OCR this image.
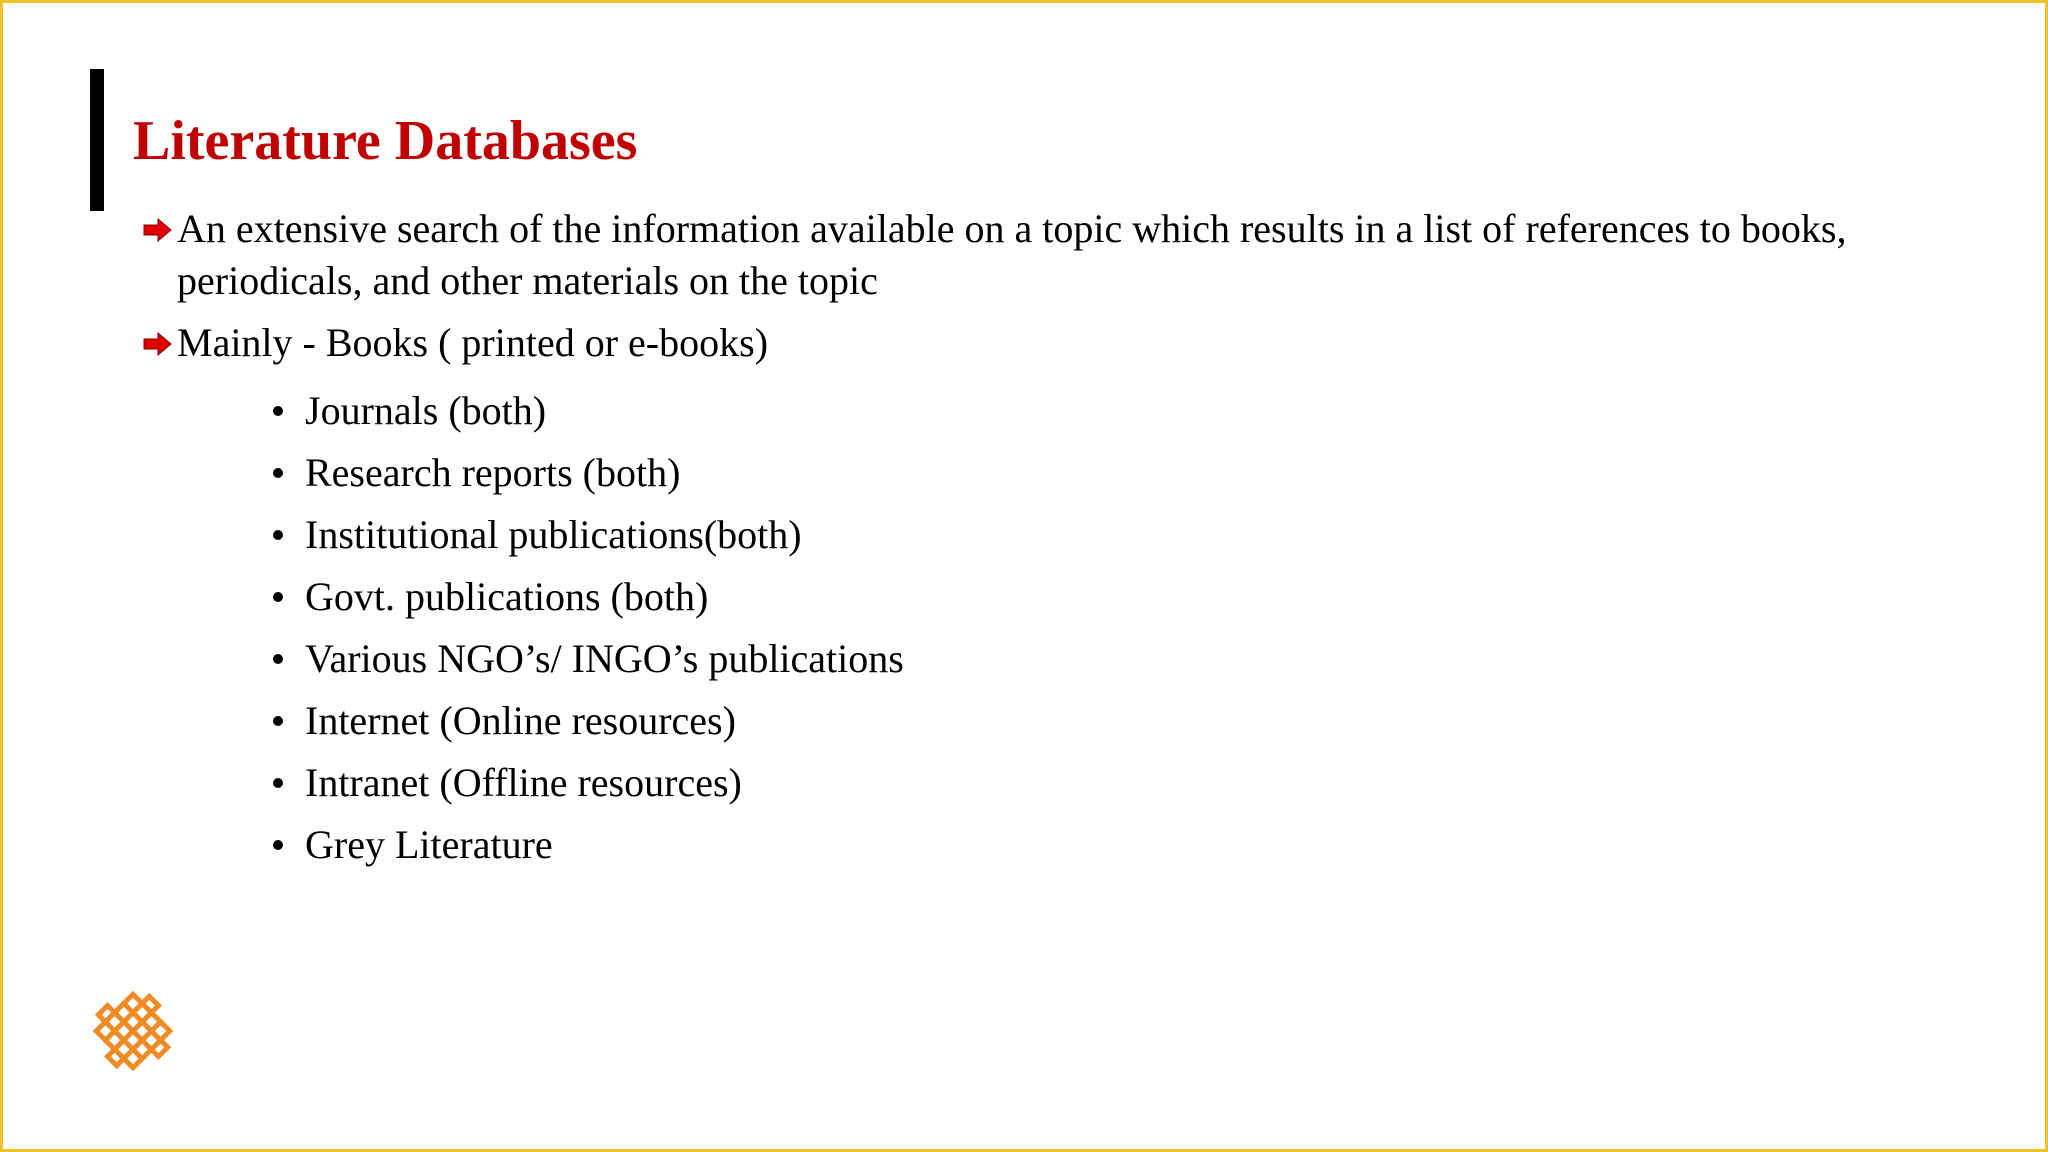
Literature Databases
An extensive search of the information available on a topic which results in a list of references to books, periodicals, and other materials on the topic
Mainly - Books ( printed or e-books)
Journals (both)
Research reports (both)
Institutional publications(both)
Govt. publications (both)
Various NGO’s/ INGO’s publications
Internet (Online resources)
Intranet (Offline resources)
Grey Literature
